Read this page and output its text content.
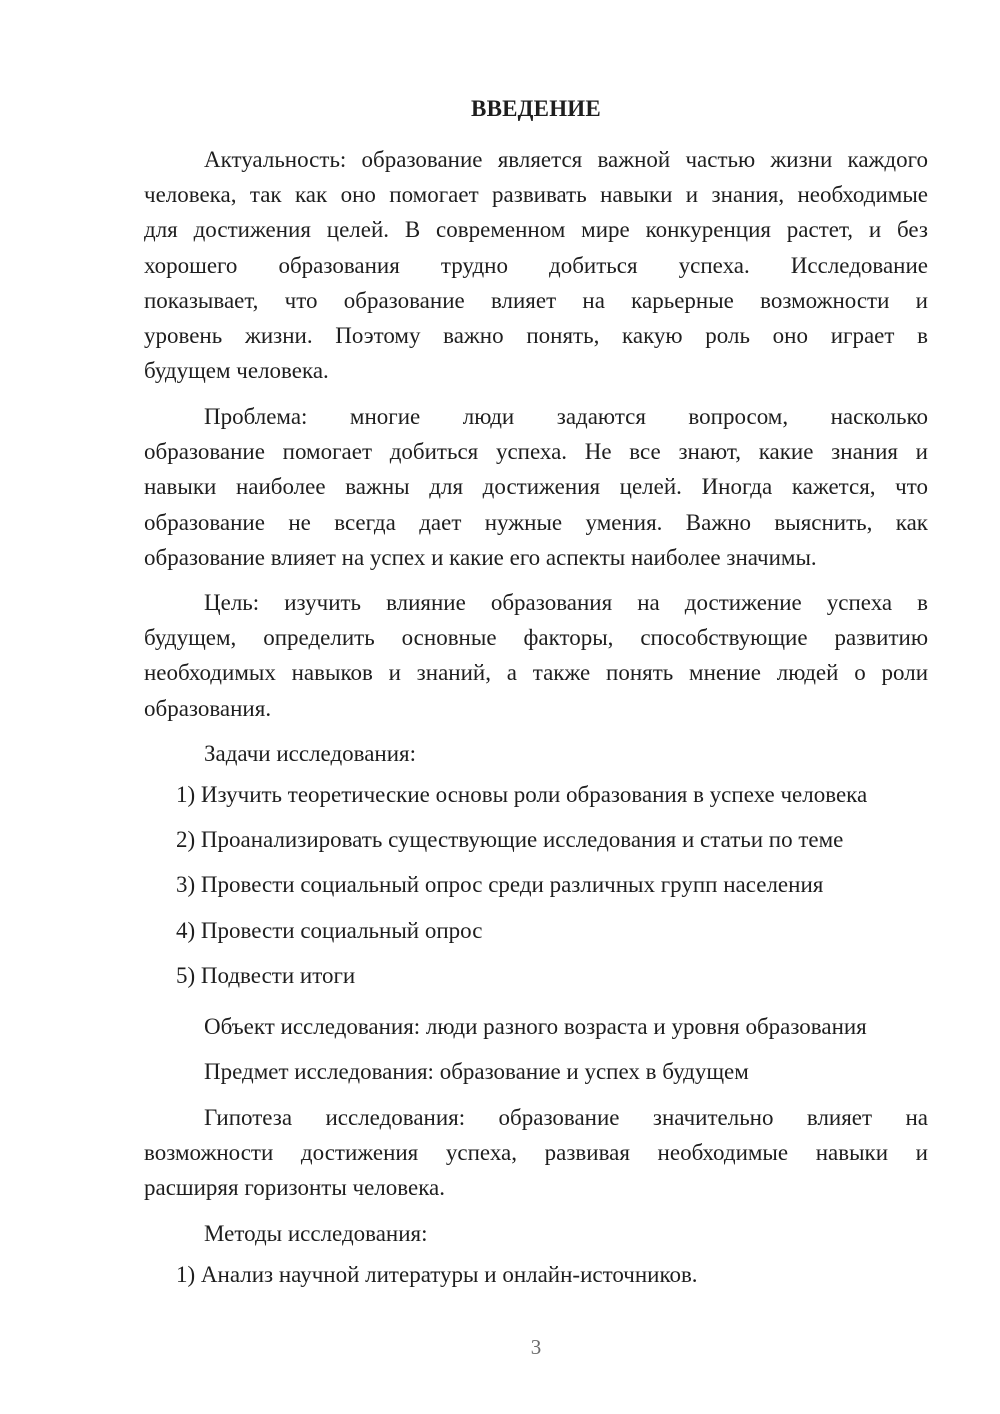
ВВЕДЕНИЕ
Актуальность: образование является важной частью жизни каждого
человека, так как оно помогает развивать навыки и знания, необходимые
для достижения целей. В современном мире конкуренция растет, и без
хорошего образования трудно добиться успеха. Исследование
показывает, что образование влияет на карьерные возможности и
уровень жизни. Поэтому важно понять, какую роль оно играет в
будущем человека.
Проблема: многие люди задаются вопросом, насколько
образование помогает добиться успеха. Не все знают, какие знания и
навыки наиболее важны для достижения целей. Иногда кажется, что
образование не всегда дает нужные умения. Важно выяснить, как
образование влияет на успех и какие его аспекты наиболее значимы.
Цель: изучить влияние образования на достижение успеха в
будущем, определить основные факторы, способствующие развитию
необходимых навыков и знаний, а также понять мнение людей о роли
образования.
Задачи исследования:
1) Изучить теоретические основы роли образования в успехе человека
2) Проанализировать существующие исследования и статьи по теме
3) Провести социальный опрос среди различных групп населения
4) Провести социальный опрос
5) Подвести итоги
Объект исследования: люди разного возраста и уровня образования
Предмет исследования: образование и успех в будущем
Гипотеза исследования: образование значительно влияет на
возможности достижения успеха, развивая необходимые навыки и
расширяя горизонты человека.
Методы исследования:
1) Анализ научной литературы и онлайн-источников.
3
